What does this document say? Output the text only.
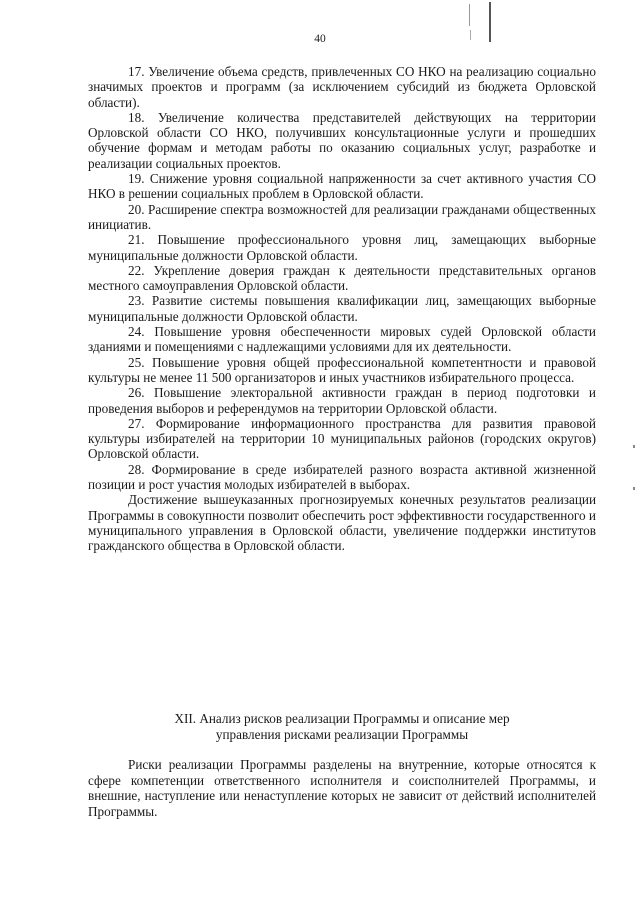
40

17. Увеличение объема средств, привлеченных СО НКО на реализацию социально значимых проектов и программ (за исключением субсидий из бюджета Орловской области).

18. Увеличение количества представителей действующих на территории Орловской области СО НКО, получивших консультационные услуги и прошедших обучение формам и методам работы по оказанию социальных услуг, разработке и реализации социальных проектов.

19. Снижение уровня социальной напряженности за счет активного участия СО НКО в решении социальных проблем в Орловской области.

20. Расширение спектра возможностей для реализации гражданами общественных инициатив.

21. Повышение профессионального уровня лиц, замещающих выборные муниципальные должности Орловской области.

22. Укрепление доверия граждан к деятельности представительных органов местного самоуправления Орловской области.

23. Развитие системы повышения квалификации лиц, замещающих выборные муниципальные должности Орловской области.

24. Повышение уровня обеспеченности мировых судей Орловской области зданиями и помещениями с надлежащими условиями для их деятельности.

25. Повышение уровня общей профессиональной компетентности и правовой культуры не менее 11 500 организаторов и иных участников избирательного процесса.

26. Повышение электоральной активности граждан в период подготовки и проведения выборов и референдумов на территории Орловской области.

27. Формирование информационного пространства для развития правовой культуры избирателей на территории 10 муниципальных районов (городских округов) Орловской области.

28. Формирование в среде избирателей разного возраста активной жизненной позиции и рост участия молодых избирателей в выборах.

Достижение вышеуказанных прогнозируемых конечных результатов реализации Программы в совокупности позволит обеспечить рост эффективности государственного и муниципального управления в Орловской области, увеличение поддержки институтов гражданского общества в Орловской области.

XII. Анализ рисков реализации Программы и описание мер
управления рисками реализации Программы

Риски реализации Программы разделены на внутренние, которые относятся к сфере компетенции ответственного исполнителя и соисполнителей Программы, и внешние, наступление или ненаступление которых не зависит от действий исполнителей Программы.
